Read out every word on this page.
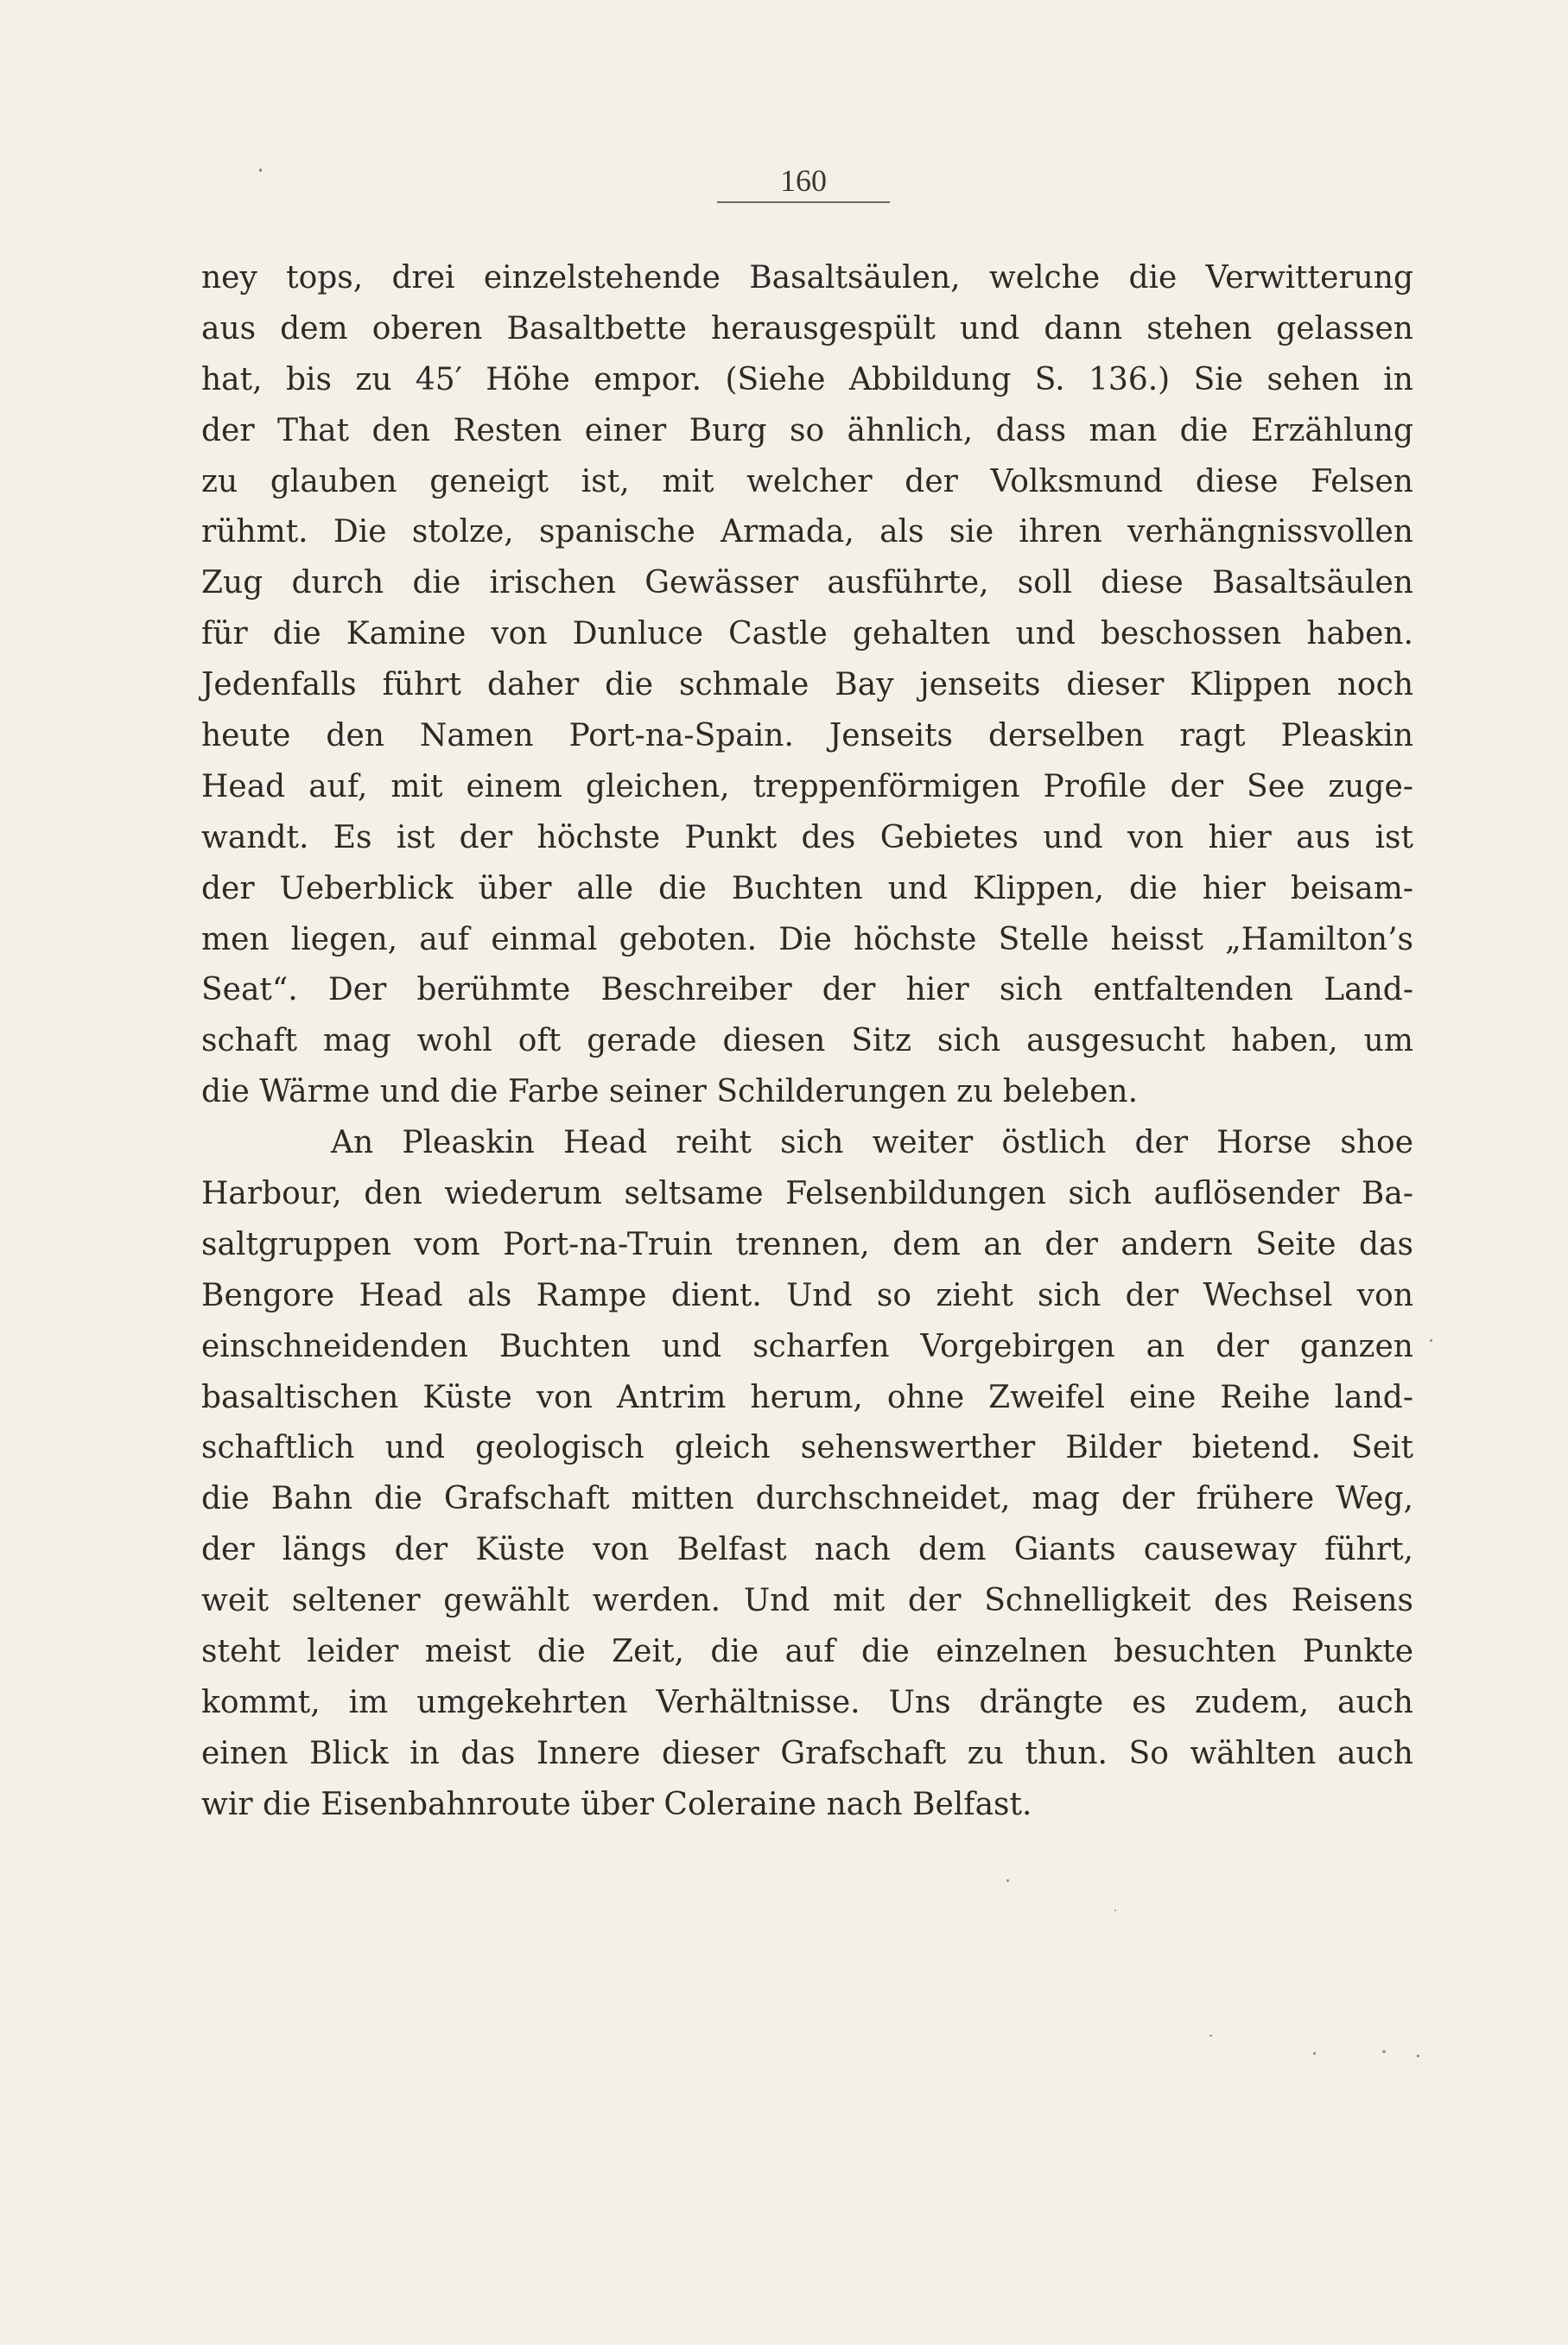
160
ney tops, drei einzelstehende Basaltsäulen, welche die Verwitterung
aus dem oberen Basaltbette herausgespült und dann stehen gelassen
hat, bis zu 45′ Höhe empor. (Siehe Abbildung S. 136.) Sie sehen in
der That den Resten einer Burg so ähnlich, dass man die Erzählung
zu glauben geneigt ist, mit welcher der Volksmund diese Felsen
rühmt. Die stolze, spanische Armada, als sie ihren verhängnissvollen
Zug durch die irischen Gewässer ausführte, soll diese Basaltsäulen
für die Kamine von Dunluce Castle gehalten und beschossen haben.
Jedenfalls führt daher die schmale Bay jenseits dieser Klippen noch
heute den Namen Port-na-Spain. Jenseits derselben ragt Pleaskin
Head auf, mit einem gleichen, treppenförmigen Profile der See zuge-
wandt. Es ist der höchste Punkt des Gebietes und von hier aus ist
der Ueberblick über alle die Buchten und Klippen, die hier beisam-
men liegen, auf einmal geboten. Die höchste Stelle heisst „Hamilton’s
Seat“. Der berühmte Beschreiber der hier sich entfaltenden Land-
schaft mag wohl oft gerade diesen Sitz sich ausgesucht haben, um
die Wärme und die Farbe seiner Schilderungen zu beleben.
An Pleaskin Head reiht sich weiter östlich der Horse shoe
Harbour, den wiederum seltsame Felsenbildungen sich auflösender Ba-
saltgruppen vom Port-na-Truin trennen, dem an der andern Seite das
Bengore Head als Rampe dient. Und so zieht sich der Wechsel von
einschneidenden Buchten und scharfen Vorgebirgen an der ganzen
basaltischen Küste von Antrim herum, ohne Zweifel eine Reihe land-
schaftlich und geologisch gleich sehenswerther Bilder bietend. Seit
die Bahn die Grafschaft mitten durchschneidet, mag der frühere Weg,
der längs der Küste von Belfast nach dem Giants causeway führt,
weit seltener gewählt werden. Und mit der Schnelligkeit des Reisens
steht leider meist die Zeit, die auf die einzelnen besuchten Punkte
kommt, im umgekehrten Verhältnisse. Uns drängte es zudem, auch
einen Blick in das Innere dieser Grafschaft zu thun. So wählten auch
wir die Eisenbahnroute über Coleraine nach Belfast.
